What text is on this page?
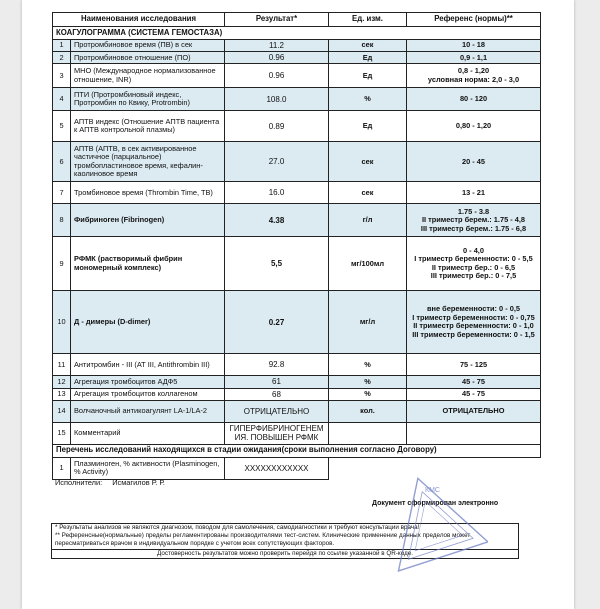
Наименования исследования		Результат*	Ед. изм.	Референс (нормы)**
КОАГУЛОГРАММА (СИСТЕМА ГЕМОСТАЗА)				
1	Протромбиновое время (ПВ) в сек	11.2	сек	10 - 18
2	Протромбиновое отношение (ПО)	0.96	Ед	0,9 - 1,1
3	МНО (Международное нормализованное отношение, INR)	0.96	Ед	0,8 - 1,20
условная норма: 2,0 - 3,0
4	ПТИ (Протромбиновый индекс, Протромбин по Квику, Protrombin)	108.0	%	80 - 120
5	АПТВ индекс (Отношение АПТВ пациента к АПТВ контрольной плазмы)	0.89	Ед	0,80 - 1,20
6	АПТВ (АПТВ, в сек активированное частичное (парциальное) тромбопластиновое время, кефалин-каолиновое время	27.0	сек	20 - 45
7	Тромбиновое время (Thrombin Time, TB)	16.0	сек	13 - 21
8	Фибриноген (Fibrinogen)	4.38	г/л	1.75 - 3.8
II триместр берем.: 1.75 - 4,8
III триместр берем.: 1.75 - 6,8
9	РФМК (растворимый фибрин мономерный комплекс)	5,5	мг/100мл	0 - 4,0
I триместр беременности: 0 - 5,5
II триместр бер.: 0 - 6,5
III триместр бер.: 0 - 7,5
10	Д - димеры (D-dimer)	0.27	мг/л	вне беременности: 0 - 0,5
I триместр беременности: 0 - 0,75
II триместр беременности: 0 - 1,0
III триместр беременности: 0 - 1,5
11	Антитромбин - III (АТ III, Antithrombin III)	92.8	%	75 - 125
12	Агрегация тромбоцитов АДФ5	61	%	45 - 75
13	Агрегация тромбоцитов коллагеном	68	%	45 - 75
14	Волчаночный антикоагулянт LA-1/LA-2	ОТРИЦАТЕЛЬНО	кол.	ОТРИЦАТЕЛЬНО
15	Комментарий	ГИПЕРФИБРИНОГЕНЕМ ИЯ. ПОВЫШЕН РФМК		
Перечень исследований находящихся в стадии ожидания(сроки выполнения согласно Договору)				
1	Плазминоген, % активности (Plasminogen, % Activity)	XXXXXXXXXXXX		
Исполнители: Исмагилов Р. Р.
Документ сформирован электронно
* Результаты анализов не являются диагнозом, поводом для самолечения, самодиагностики и требуют консультации врача!
** Референсные(нормальные) пределы регламентированы производителями тест-систем. Клинические применение данных пределов может пересматриваться врачом в индивидуальном порядке с учетом всех сопутствующих факторов.
Достоверность результатов можно проверить перейдя по ссылке указанной в QR-коде.
КМС
